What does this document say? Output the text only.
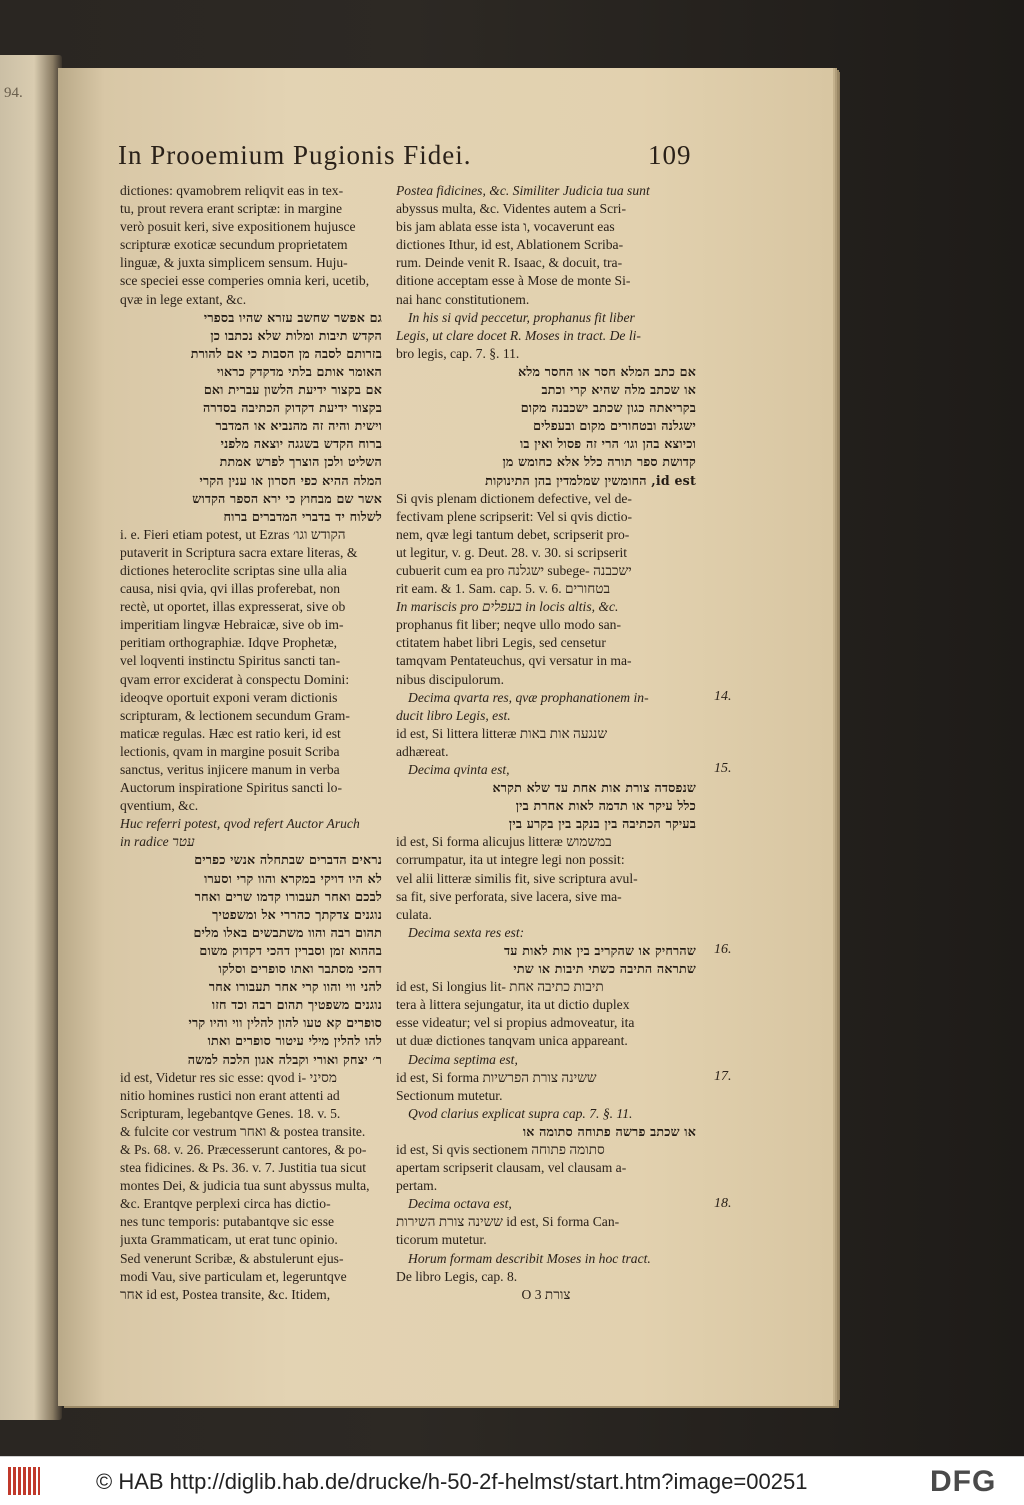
94.
In Prooemium Pugionis Fidei.	109
dictiones: qvamobrem reliqvit eas in tex-
tu, prout revera erant scriptæ: in margine
verò posuit keri, sive expositionem hujusce
scripturæ exoticæ secundum proprietatem
linguæ, & juxta simplicem sensum. Huju-
sce speciei esse comperies omnia keri, ucetib,
qvæ in lege extant, &c.
גם אפשר שחשב עזרא שהיו בספרי
הקדש תיבות ומלות שלא נכתבו כן
בזרותם לסבה מן הסבות כי אם להורת
האומר אותם בלתי מדקדק כראוי
אם בקצור ידיעת הלשון עברית ואם
בקצור ידיעת דקדוק הכתיבה בסדרה
וישית והיה זה מהנביא או המדבר
ברוח הקדש בשגגה יוצאה מלפני
השליט ולכן הוצרך לפרש אמתת
המלה ההיא כפי חסרון או ענין הקרי
אשר שם מבחוץ כי ירא הספר הקדוש
לשלוח יד בדברי המדברים ברוח
i. e. Fieri etiam potest, ut Ezras הקודש וגו׳
putaverit in Scriptura sacra extare literas, &
dictiones heteroclite scriptas sine ulla alia
causa, nisi qvia, qvi illas proferebat, non
rectè, ut oportet, illas expresserat, sive ob
imperitiam lingvæ Hebraicæ, sive ob im-
peritiam orthographiæ. Idqve Prophetæ,
vel loqventi instinctu Spiritus sancti tan-
qvam error exciderat à conspectu Domini:
ideoqve oportuit exponi veram dictionis
scripturam, & lectionem secundum Gram-
maticæ regulas. Hæc est ratio keri, id est
lectionis, qvam in margine posuit Scriba
sanctus, veritus injicere manum in verba
Auctorum inspiratione Spiritus sancti lo-
qventium, &c.
Huc referri potest, qvod refert Auctor Aruch
in radice עטר
נראים הדברים שבתחלה אנשי כפרים
לא היו דויקי במקרא והוו קרי וסערו
לבכם ואחר תעבורו קדמו שרים ואחר
נוגנים צדקתך כהררי אל ומשפטיך
תהום רבה והוו משתבשים באלו מלים
בההוא זמן וסברין דהכי דקדוק משום
דהכי מסתבר ואתו סופרים וסלקו
להני ווי והוו קרי אחר תעבורו אחר
נוגנים משפטיך תהום רבה וכד חזו
סופרים קא טעו להון להלין ווי והיו קרי
להו להלין מילי עיטור סופרים ואתו
ר׳ יצחק ואורי וקבלה אגון הלכה למשה
id est, Videtur res sic esse: qvod i- מסיני
nitio homines rustici non erant attenti ad
Scripturam, legebantqve Genes. 18. v. 5.
& fulcite cor vestrum ואחר & postea transite.
& Ps. 68. v. 26. Præcesserunt cantores, & po-
stea fidicines. & Ps. 36. v. 7. Justitia tua sicut
montes Dei, & judicia tua sunt abyssus multa,
&c. Erantqve perplexi circa has dictio-
nes tunc temporis: putabantqve sic esse
juxta Grammaticam, ut erat tunc opinio.
Sed venerunt Scribæ, & abstulerunt ejus-
modi Vau, sive particulam et, legeruntqve
אחר id est, Postea transite, &c. Itidem,
Postea fidicines, &c. Similiter Judicia tua sunt
abyssus multa, &c. Videntes autem a Scri-
bis jam ablata esse ista ו, vocaverunt eas
dictiones Ithur, id est, Ablationem Scriba-
rum. Deinde venit R. Isaac, & docuit, tra-
ditione acceptam esse à Mose de monte Si-
nai hanc constitutionem.
In his si qvid peccetur, prophanus fit liber
Legis, ut clare docet R. Moses in tract. De li-
bro legis, cap. 7. §. 11.
אם כתב המלא חסר או החסר מלא
או שכתב מלה שהיא קרי וכתב
בקריאתה כגון שכתב ישכבנה מקום
ישגלנה ובטחורים מקום ובעפלים
וכיוצא בהן וגו׳ הרי זה פסול ואין בו
קדושת ספר תורה כלל אלא כחומש מן
id est, החומשין שמלמדין בהן התינוקות
Si qvis plenam dictionem defective, vel de-
fectivam plene scripserit: Vel si qvis dictio-
nem, qvæ legi tantum debet, scripserit pro-
ut legitur, v. g. Deut. 28. v. 30. si scripserit
cubuerit cum ea pro ישגלנה subege- ישכבנה
rit eam. & 1. Sam. cap. 5. v. 6. בטחורים
In mariscis pro בעפלים in locis altis, &c.
prophanus fit liber; neqve ullo modo san-
ctitatem habet libri Legis, sed censetur
tamqvam Pentateuchus, qvi versatur in ma-
nibus discipulorum.
Decima qvarta res, qvæ prophanationem in-
ducit libro Legis, est.
id est, Si littera litteræ שנגעה אות באות
adhæreat.
Decima qvinta est,
שנפסדה צורת אות אחת עד שלא תקרא
כלל עיקר או תדמה לאות אחרת בין
בעיקר הכתיבה בין בנקב בין בקרע בין
id est, Si forma alicujus litteræ במשמוש
corrumpatur, ita ut integre legi non possit:
vel alii litteræ similis fit, sive scriptura avul-
sa fit, sive perforata, sive lacera, sive ma-
culata.
Decima sexta res est:
שהרחיק או שהקריב בין אות לאות עד
שתראה התיבה כשתי תיבות או שתי
id est, Si longius lit- תיבות כתיבה אחת
tera à littera sejungatur, ita ut dictio duplex
esse videatur; vel si propius admoveatur, ita
ut duæ dictiones tanqvam unica appareant.
Decima septima est,
id est, Si forma ששינה צורת הפרשיות
Sectionum mutetur.
Qvod clarius explicat supra cap. 7. §. 11.
או שכתב פרשה פתוחה סתומה או
id est, Si qvis sectionem סתומה פתוחה
apertam scripserit clausam, vel clausam a-
pertam.
Decima octava est,
ששינה צורת השירות id est, Si forma Can-
ticorum mutetur.
Horum formam describit Moses in hoc tract.
De libro Legis, cap. 8.
O 3 צורת
14.
15.
16.
17.
18.
© HAB http://diglib.hab.de/drucke/h-50-2f-helmst/start.htm?image=00251	DFG
